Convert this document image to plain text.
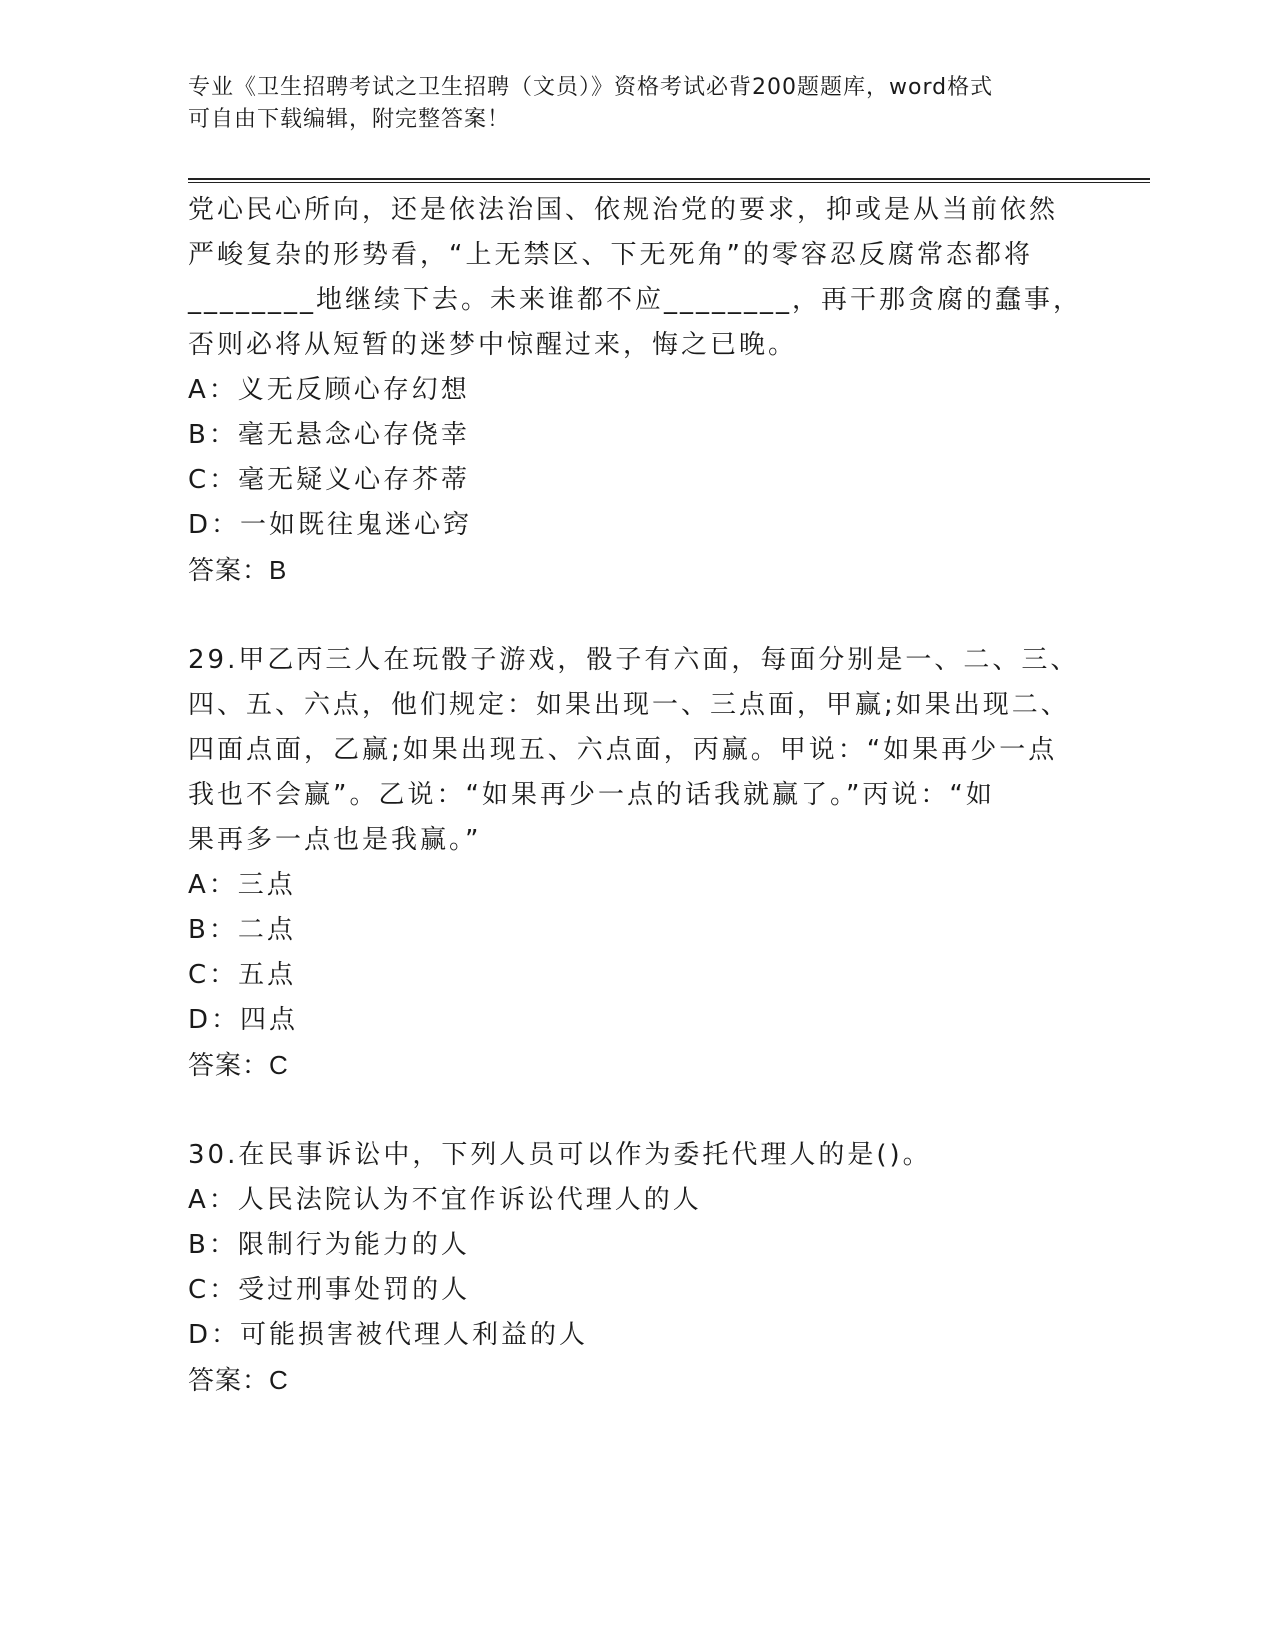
专业《卫生招聘考试之卫生招聘（文员）》资格考试必背200题题库，word格式
可自由下载编辑，附完整答案！

党心民心所向，还是依法治国、依规治党的要求，抑或是从当前依然

严峻复杂的形势看，“上无禁区、下无死角”的零容忍反腐常态都将

________地继续下去。未来谁都不应________，再干那贪腐的蠢事，

否则必将从短暂的迷梦中惊醒过来，悔之已晚。

A：义无反顾心存幻想

B：毫无悬念心存侥幸

C：毫无疑义心存芥蒂

D：一如既往鬼迷心窍

答案：B

29.甲乙丙三人在玩骰子游戏，骰子有六面，每面分别是一、二、三、

四、五、六点，他们规定：如果出现一、三点面，甲赢;如果出现二、

四面点面，乙赢;如果出现五、六点面，丙赢。甲说：“如果再少一点

我也不会赢”。乙说：“如果再少一点的话我就赢了。”丙说：“如

果再多一点也是我赢。”

A：三点

B：二点

C：五点

D：四点

答案：C

30.在民事诉讼中，下列人员可以作为委托代理人的是()。

A：人民法院认为不宜作诉讼代理人的人

B：限制行为能力的人

C：受过刑事处罚的人

D：可能损害被代理人利益的人

答案：C
